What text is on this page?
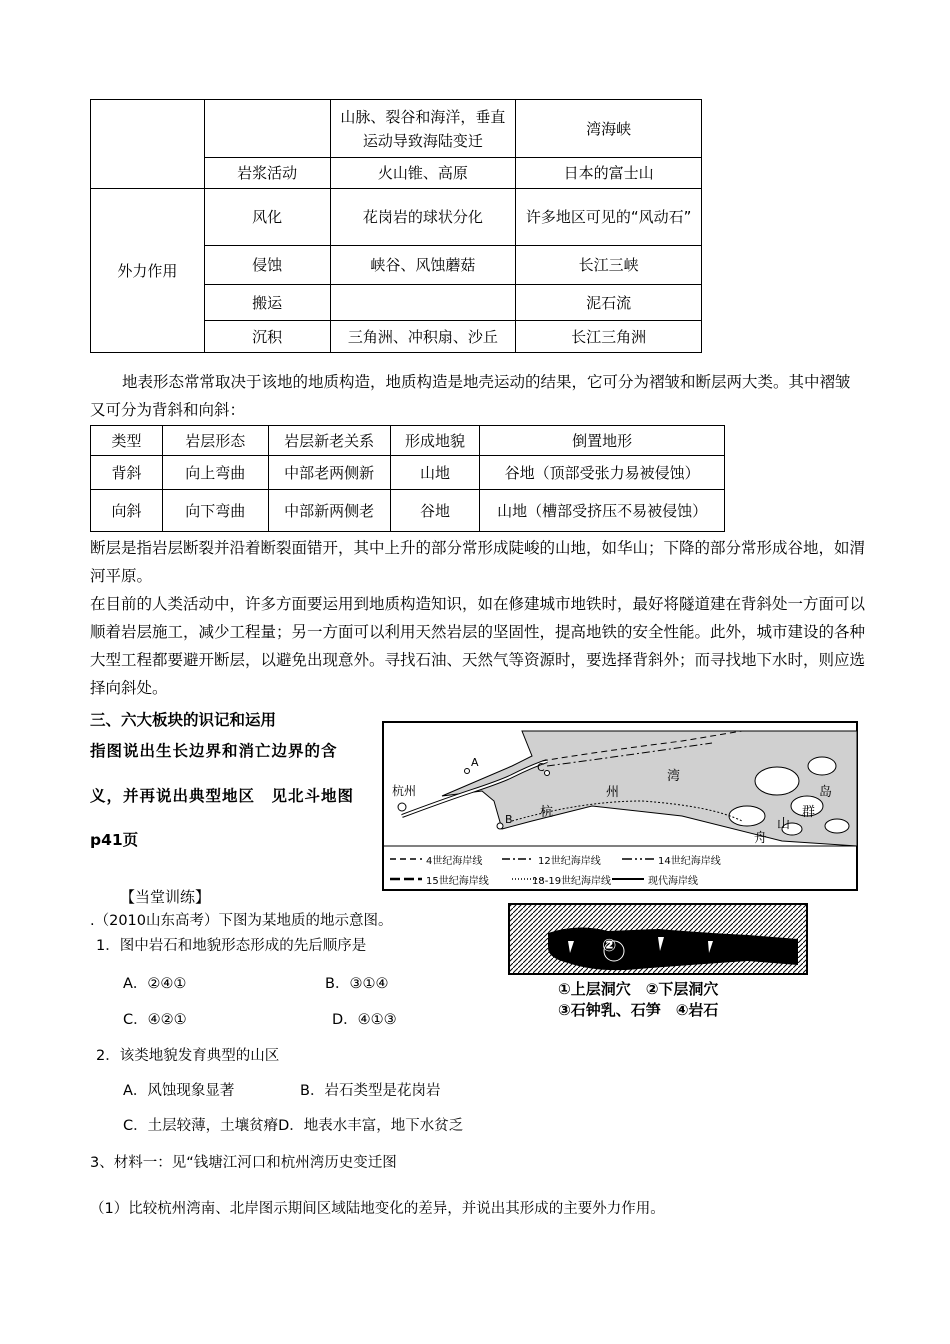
		山脉、裂谷和海洋，垂直运动导致海陆变迁	湾海峡
	岩浆活动	火山锥、高原	日本的富士山
外力作用	风化	花岗岩的球状分化	许多地区可见的“风动石”
	侵蚀	峡谷、风蚀蘑菇	长江三峡
	搬运		泥石流
	沉积	三角洲、冲积扇、沙丘	长江三角洲
地表形态常常取决于该地的地质构造，地质构造是地壳运动的结果，它可分为褶皱和断层两大类。其中褶皱又可分为背斜和向斜：
类型	岩层形态	岩层新老关系	形成地貌	倒置地形
背斜	向上弯曲	中部老两侧新	山地	谷地（顶部受张力易被侵蚀）
向斜	向下弯曲	中部新两侧老	谷地	山地（槽部受挤压不易被侵蚀）
断层是指岩层断裂并沿着断裂面错开，其中上升的部分常形成陡峻的山地，如华山；下降的部分常形成谷地，如渭河平原。
在目前的人类活动中，许多方面要运用到地质构造知识，如在修建城市地铁时，最好将隧道建在背斜处一方面可以顺着岩层施工，减少工程量；另一方面可以利用天然岩层的坚固性，提高地铁的安全性能。此外，城市建设的各种大型工程都要避开断层，以避免出现意外。寻找石油、天然气等资源时，要选择背斜外；而寻找地下水时，则应选择向斜处。
三、六大板块的识记和运用
指图说出生长边界和消亡边界的含
义，并再说出典型地区　见北斗地图
p41页
杭州
A
B
C
杭
州
湾
岛
群
山
舟
4世纪海岸线	12世纪海岸线	14世纪海岸线
15世纪海岸线	18-19世纪海岸线	现代海岸线
【当堂训练】
.（2010山东高考）下图为某地质的地示意图。
1．图中岩石和地貌形态形成的先后顺序是
A．②④①	B．③①④
C．④②①	D．④①③
2．该类地貌发育典型的山区
A．风蚀现象显著	B．岩石类型是花岗岩
C．土层较薄，土壤贫瘠D．地表水丰富，地下水贫乏
3、材料一：见“钱塘江河口和杭州湾历史变迁图
（1）比较杭州湾南、北岸图示期间区域陆地变化的差异，并说出其形成的主要外力作用。
②
①上层洞穴　②下层洞穴
③石钟乳、石笋　④岩石
